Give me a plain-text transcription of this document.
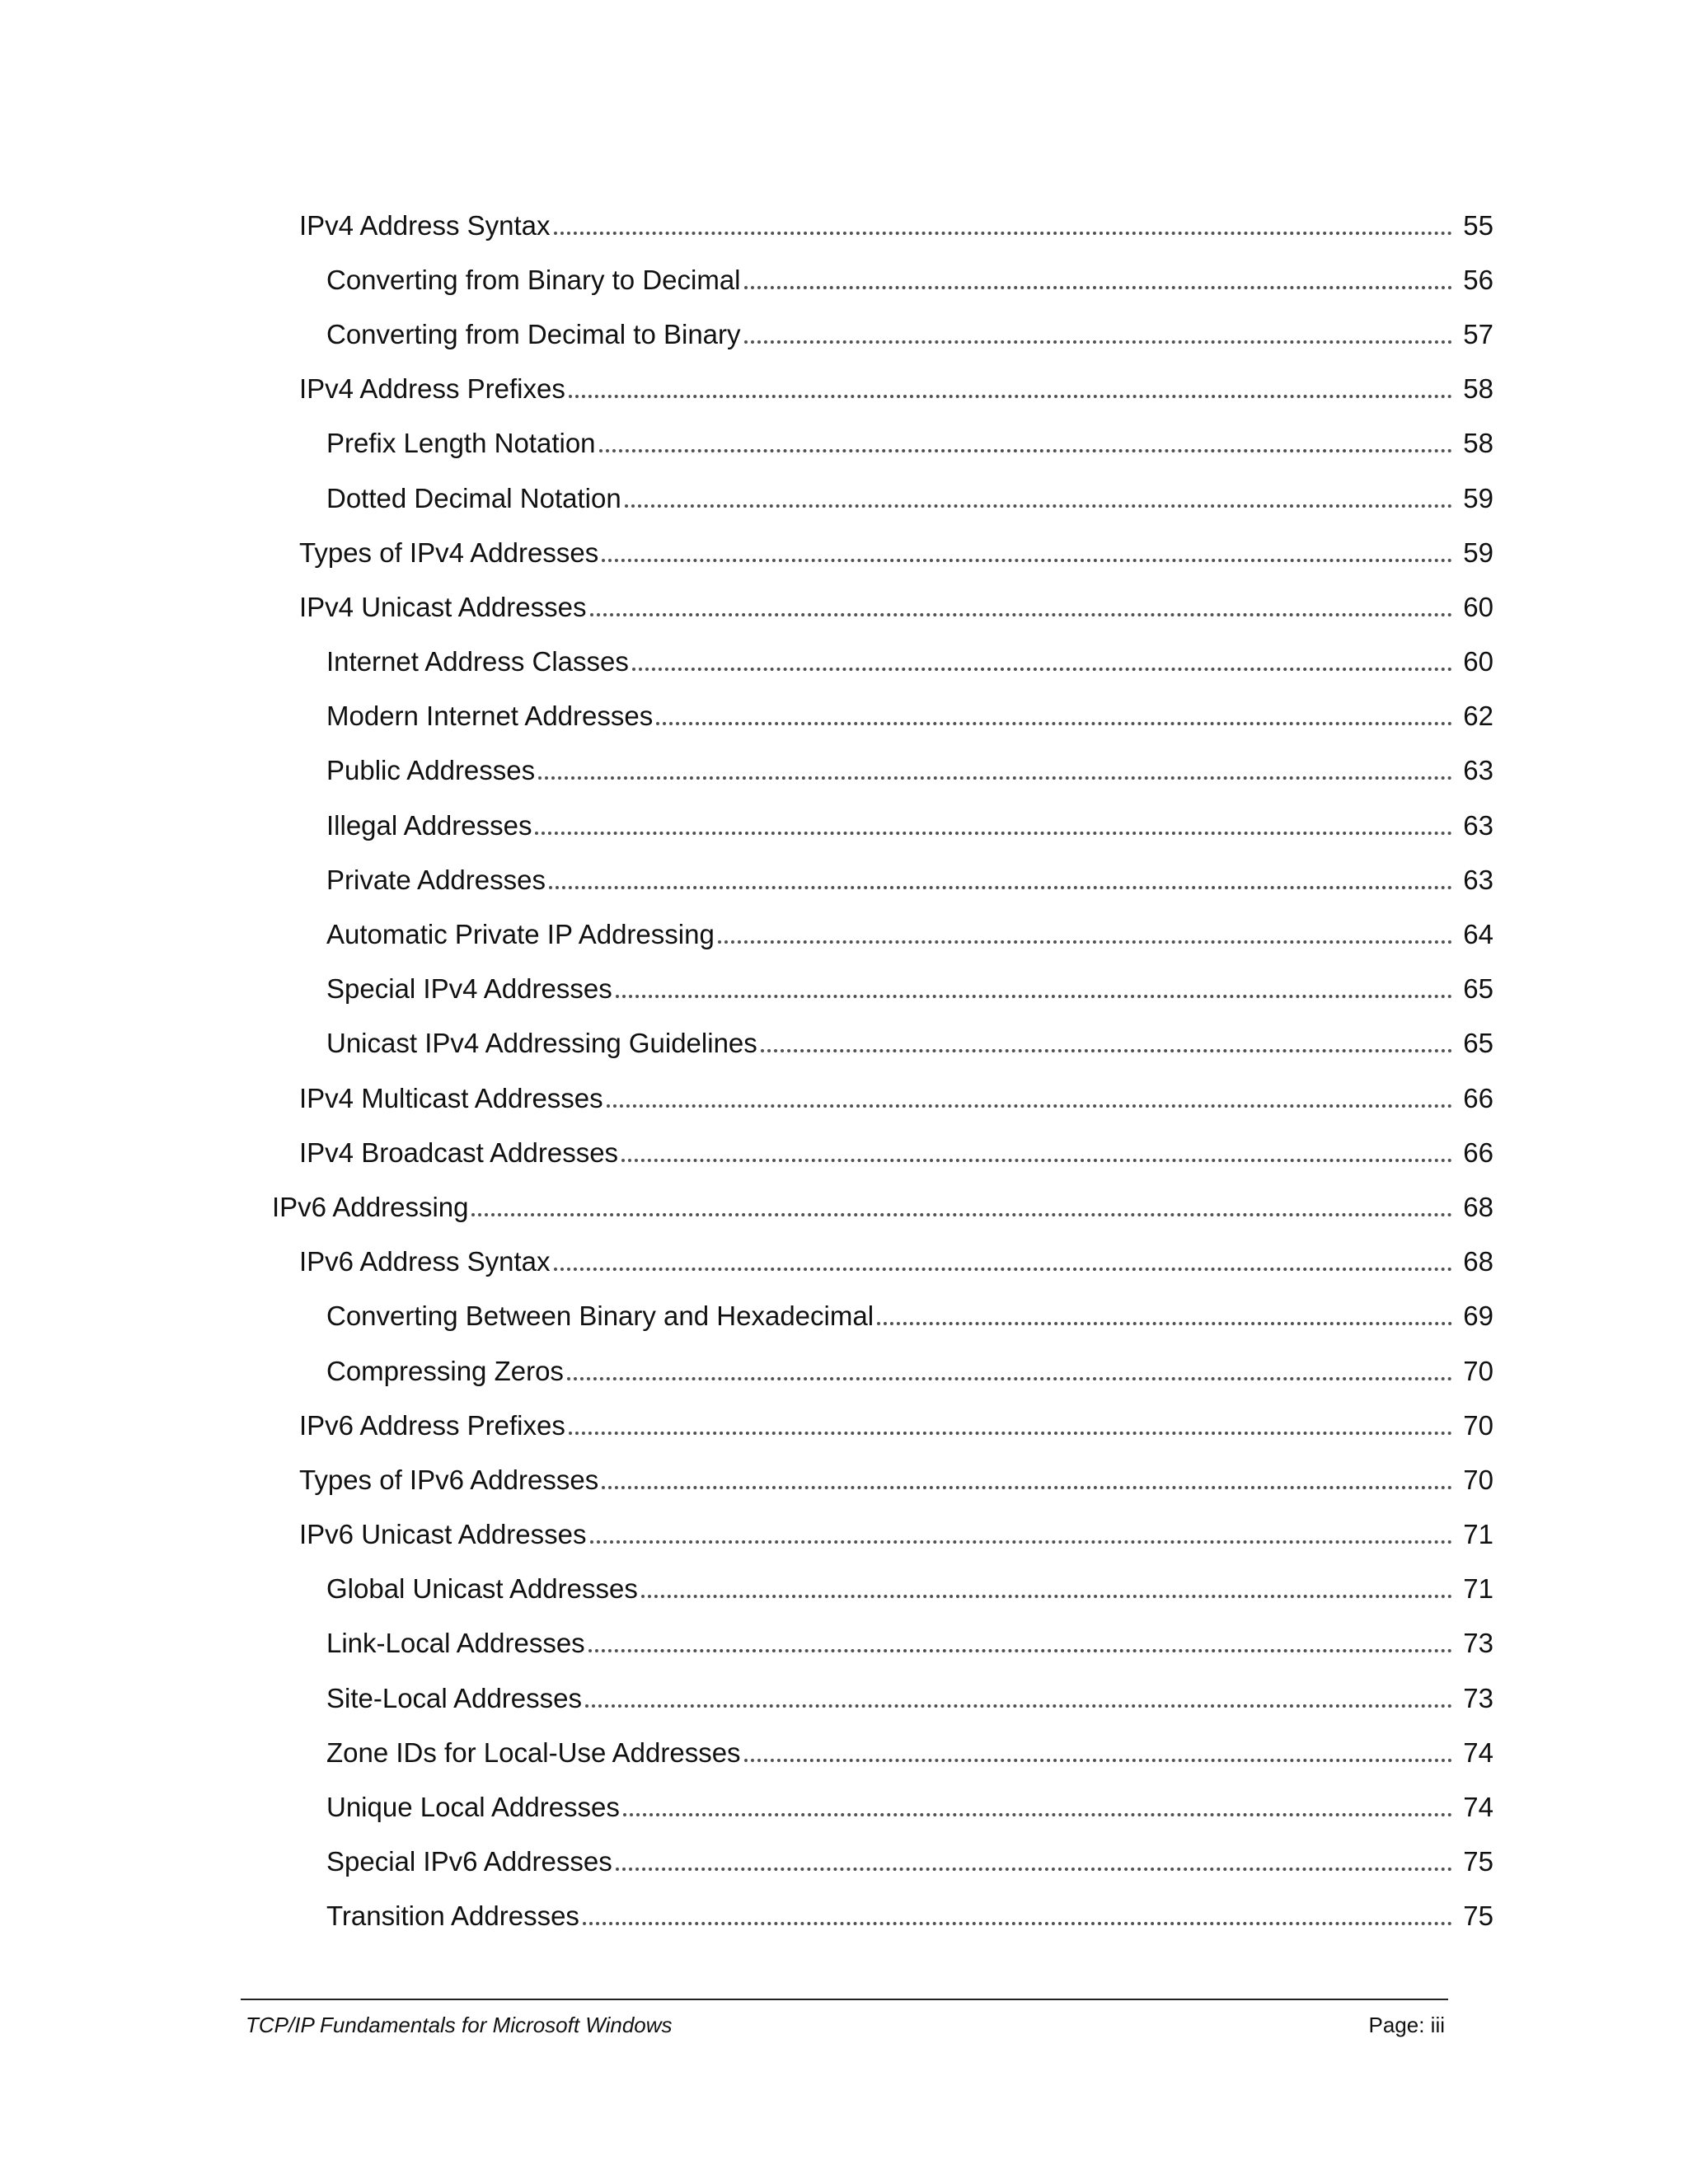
IPv4 Address Syntax	55
Converting from Binary to Decimal	56
Converting from Decimal to Binary	57
IPv4 Address Prefixes	58
Prefix Length Notation	58
Dotted Decimal Notation	59
Types of IPv4 Addresses	59
IPv4 Unicast Addresses	60
Internet Address Classes	60
Modern Internet Addresses	62
Public Addresses	63
Illegal Addresses	63
Private Addresses	63
Automatic Private IP Addressing	64
Special IPv4 Addresses	65
Unicast IPv4 Addressing Guidelines	65
IPv4 Multicast Addresses	66
IPv4 Broadcast Addresses	66
IPv6 Addressing	68
IPv6 Address Syntax	68
Converting Between Binary and Hexadecimal	69
Compressing Zeros	70
IPv6 Address Prefixes	70
Types of IPv6 Addresses	70
IPv6 Unicast Addresses	71
Global Unicast Addresses	71
Link-Local Addresses	73
Site-Local Addresses	73
Zone IDs for Local-Use Addresses	74
Unique Local Addresses	74
Special IPv6 Addresses	75
Transition Addresses	75
TCP/IP Fundamentals for Microsoft Windows	Page: iii
